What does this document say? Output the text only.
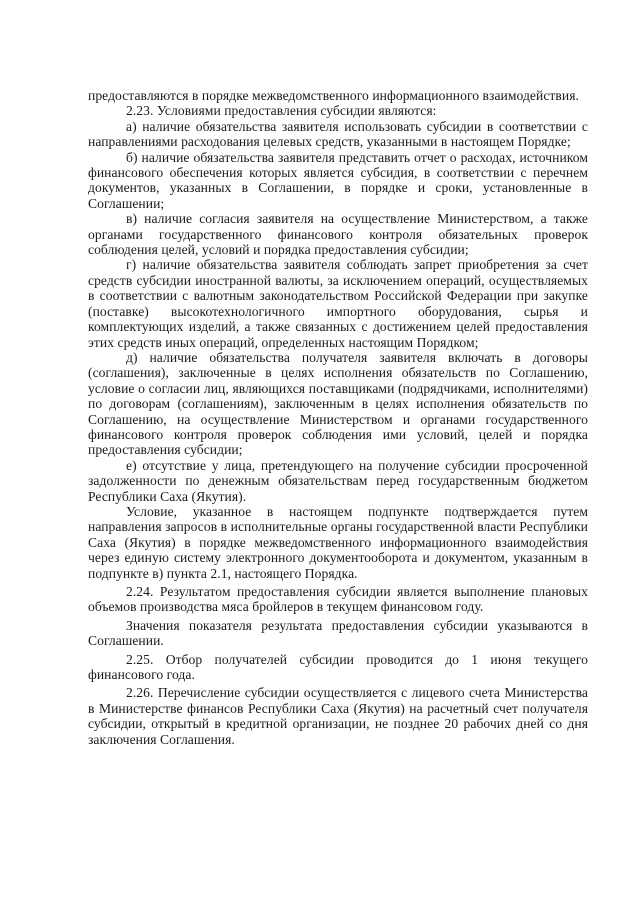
предоставляются в порядке межведомственного информационного взаимодействия.

2.23. Условиями предоставления субсидии являются:

а) наличие обязательства заявителя использовать субсидии в соответствии с направлениями расходования целевых средств, указанными в настоящем Порядке;

б) наличие обязательства заявителя представить отчет о расходах, источником финансового обеспечения которых является субсидия, в соответствии с перечнем документов, указанных в Соглашении, в порядке и сроки, установленные в Соглашении;

в) наличие согласия заявителя на осуществление Министерством, а также органами государственного финансового контроля обязательных проверок соблюдения целей, условий и порядка предоставления субсидии;

г) наличие обязательства заявителя соблюдать запрет приобретения за счет средств субсидии иностранной валюты, за исключением операций, осуществляемых в соответствии с валютным законодательством Российской Федерации при закупке (поставке) высокотехнологичного импортного оборудования, сырья и комплектующих изделий, а также связанных с достижением целей предоставления этих средств иных операций, определенных настоящим Порядком;

д) наличие обязательства получателя заявителя включать в договоры (соглашения), заключенные в целях исполнения обязательств по Соглашению, условие о согласии лиц, являющихся поставщиками (подрядчиками, исполнителями) по договорам (соглашениям), заключенным в целях исполнения обязательств по Соглашению, на осуществление Министерством и органами государственного финансового контроля проверок соблюдения ими условий, целей и порядка предоставления субсидии;

е) отсутствие у лица, претендующего на получение субсидии просроченной задолженности по денежным обязательствам перед государственным бюджетом Республики Саха (Якутия).

Условие, указанное в настоящем подпункте подтверждается путем направления запросов в исполнительные органы государственной власти Республики Саха (Якутия) в порядке межведомственного информационного взаимодействия через единую систему электронного документооборота и документом, указанным в подпункте в) пункта 2.1, настоящего Порядка.

2.24. Результатом предоставления субсидии является выполнение плановых объемов производства мяса бройлеров в текущем финансовом году.

Значения показателя результата предоставления субсидии указываются в Соглашении.

2.25. Отбор получателей субсидии проводится до 1 июня текущего финансового года.

2.26. Перечисление субсидии осуществляется с лицевого счета Министерства в Министерстве финансов Республики Саха (Якутия) на расчетный счет получателя субсидии, открытый в кредитной организации, не позднее 20 рабочих дней со дня заключения Соглашения.
